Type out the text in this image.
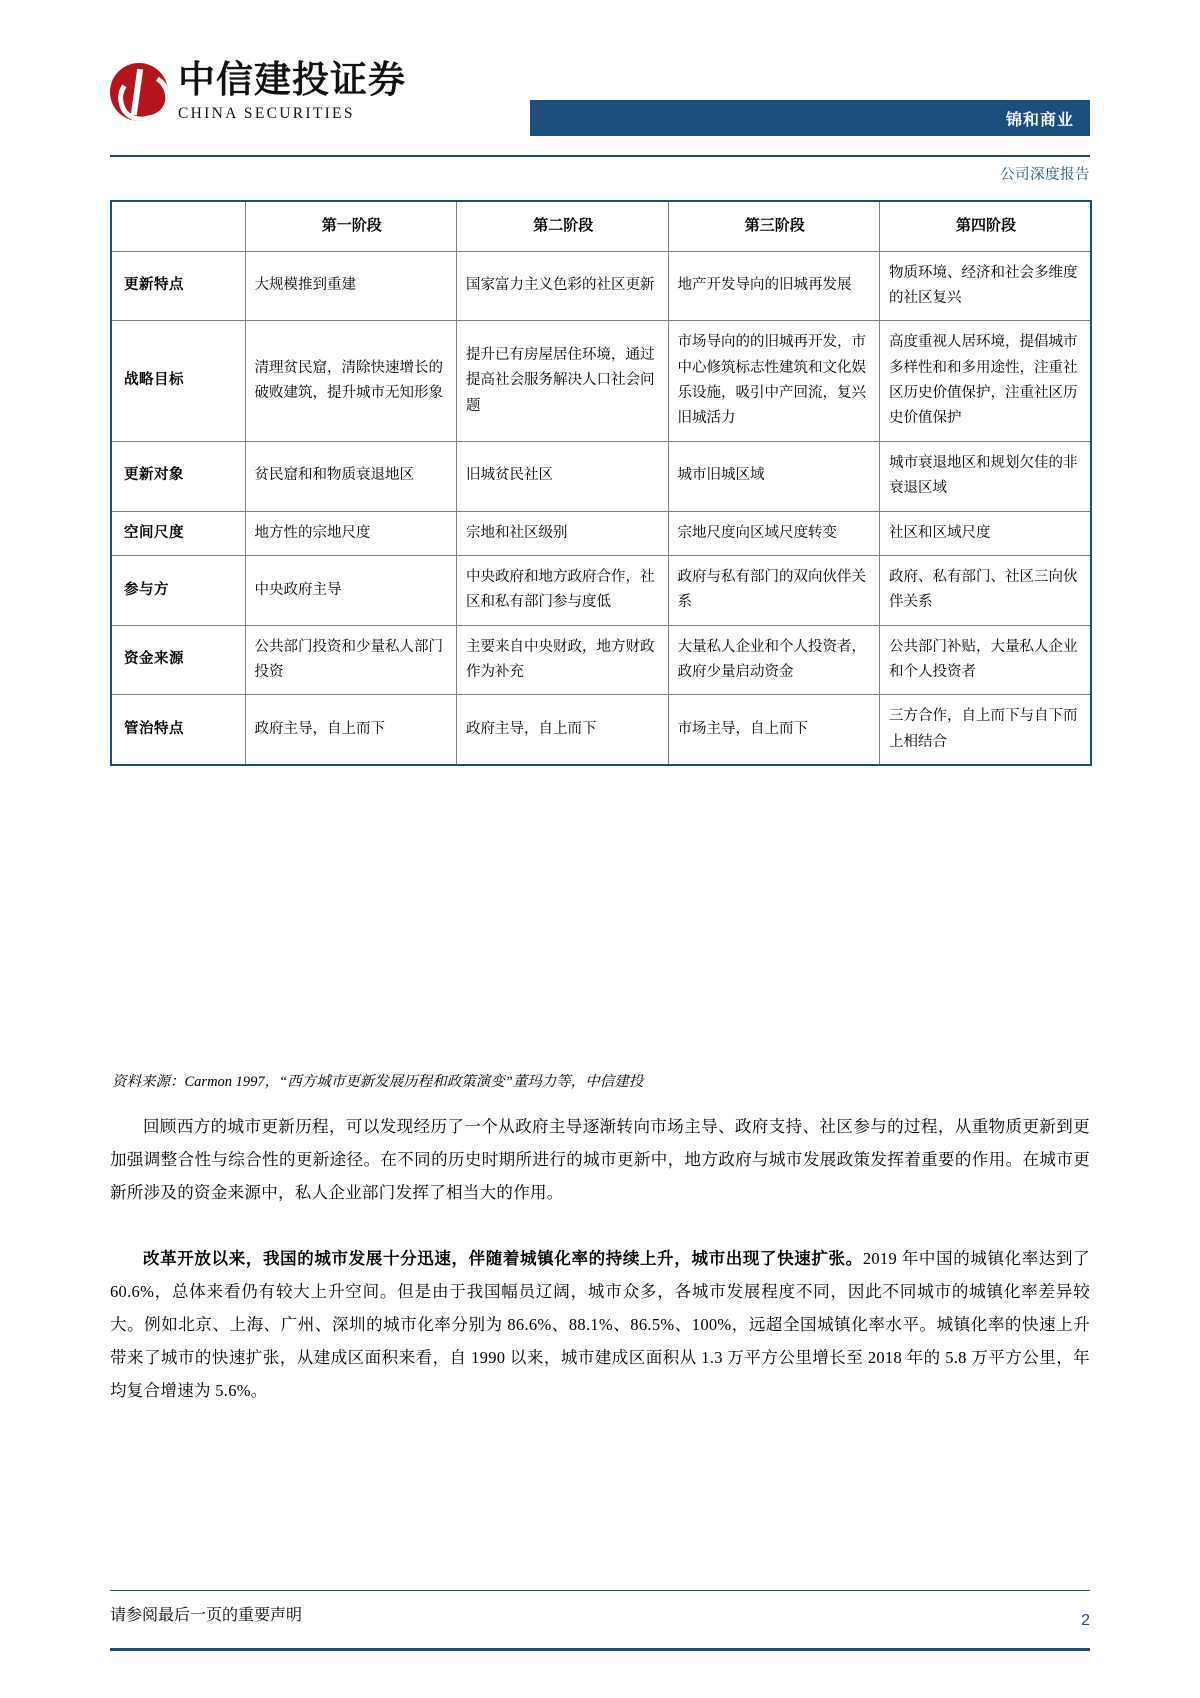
中信建投证券
CHINA SECURITIES	锦和商业
公司深度报告
	第一阶段	第二阶段	第三阶段	第四阶段
更新特点	大规模推到重建	国家富力主义色彩的社区更新	地产开发导向的旧城再发展	物质环境、经济和社会多维度的社区复兴
战略目标	清理贫民窟，清除快速增长的破败建筑，提升城市无知形象	提升已有房屋居住环境，通过提高社会服务解决人口社会问题	市场导向的的旧城再开发，市中心修筑标志性建筑和文化娱乐设施，吸引中产回流，复兴旧城活力	高度重视人居环境，提倡城市多样性和和多用途性，注重社区历史价值保护，注重社区历史价值保护
更新对象	贫民窟和和物质衰退地区	旧城贫民社区	城市旧城区域	城市衰退地区和规划欠佳的非衰退区域
空间尺度	地方性的宗地尺度	宗地和社区级别	宗地尺度向区域尺度转变	社区和区域尺度
参与方	中央政府主导	中央政府和地方政府合作，社区和私有部门参与度低	政府与私有部门的双向伙伴关系	政府、私有部门、社区三向伙伴关系
资金来源	公共部门投资和少量私人部门投资	主要来自中央财政，地方财政作为补充	大量私人企业和个人投资者，政府少量启动资金	公共部门补贴，大量私人企业和个人投资者
管治特点	政府主导，自上而下	政府主导，自上而下	市场主导，自上而下	三方合作，自上而下与自下而上相结合
资料来源：Carmon 1997，“西方城市更新发展历程和政策演变”董玛力等，中信建投
回顾西方的城市更新历程，可以发现经历了一个从政府主导逐渐转向市场主导、政府支持、社区参与的过程，从重物质更新到更加强调整合性与综合性的更新途径。在不同的历史时期所进行的城市更新中，地方政府与城市发展政策发挥着重要的作用。在城市更新所涉及的资金来源中，私人企业部门发挥了相当大的作用。
改革开放以来，我国的城市发展十分迅速，伴随着城镇化率的持续上升，城市出现了快速扩张。2019 年中国的城镇化率达到了 60.6%，总体来看仍有较大上升空间。但是由于我国幅员辽阔，城市众多，各城市发展程度不同，因此不同城市的城镇化率差异较大。例如北京、上海、广州、深圳的城市化率分别为 86.6%、88.1%、86.5%、100%，远超全国城镇化率水平。城镇化率的快速上升带来了城市的快速扩张，从建成区面积来看，自 1990 以来，城市建成区面积从 1.3 万平方公里增长至 2018 年的 5.8 万平方公里，年均复合增速为 5.6%。
请参阅最后一页的重要声明	2
